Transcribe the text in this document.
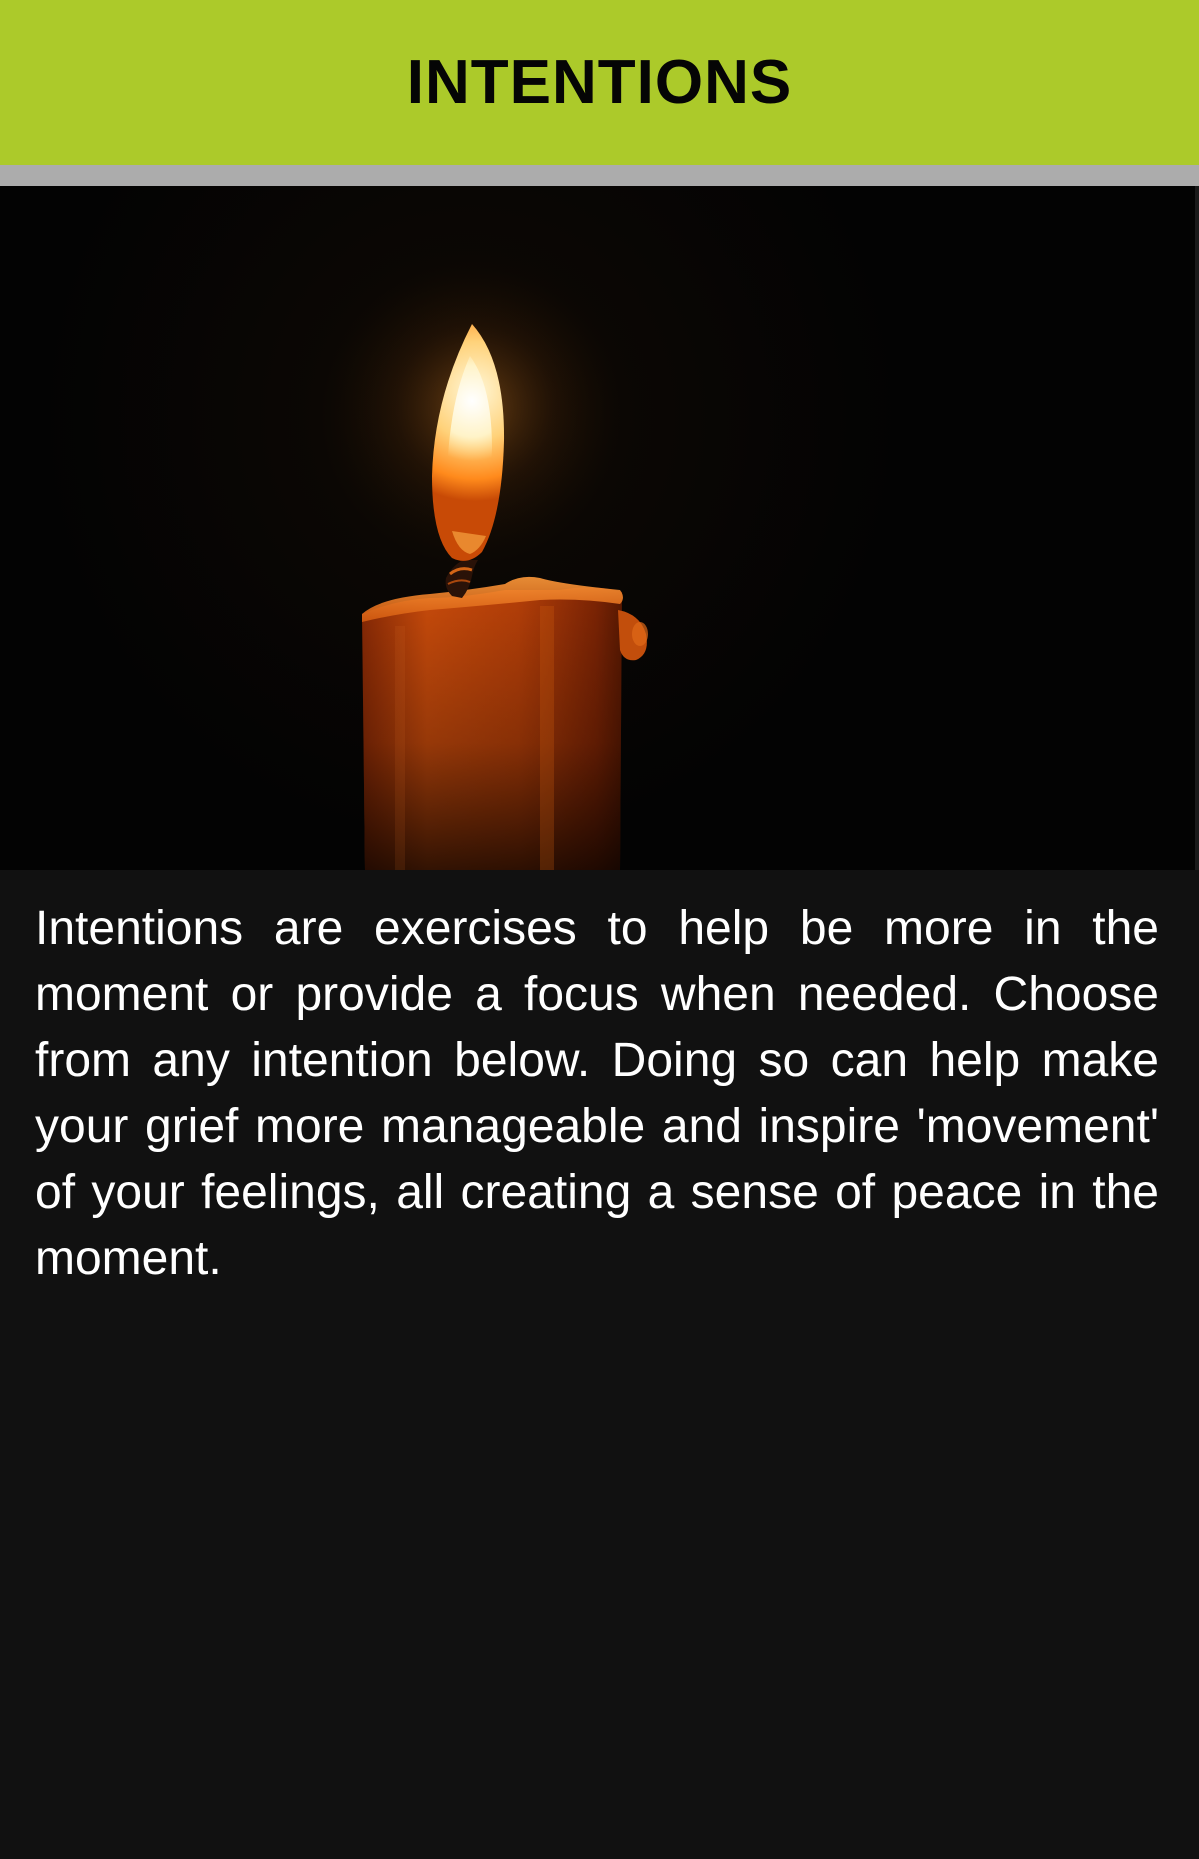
INTENTIONS

Intentions are exercises to help be more in the moment or provide a focus when needed. Choose from any intention below. Doing so can help make your grief more manageable and inspire 'movement' of your feelings, all creating a sense of peace in the moment.
